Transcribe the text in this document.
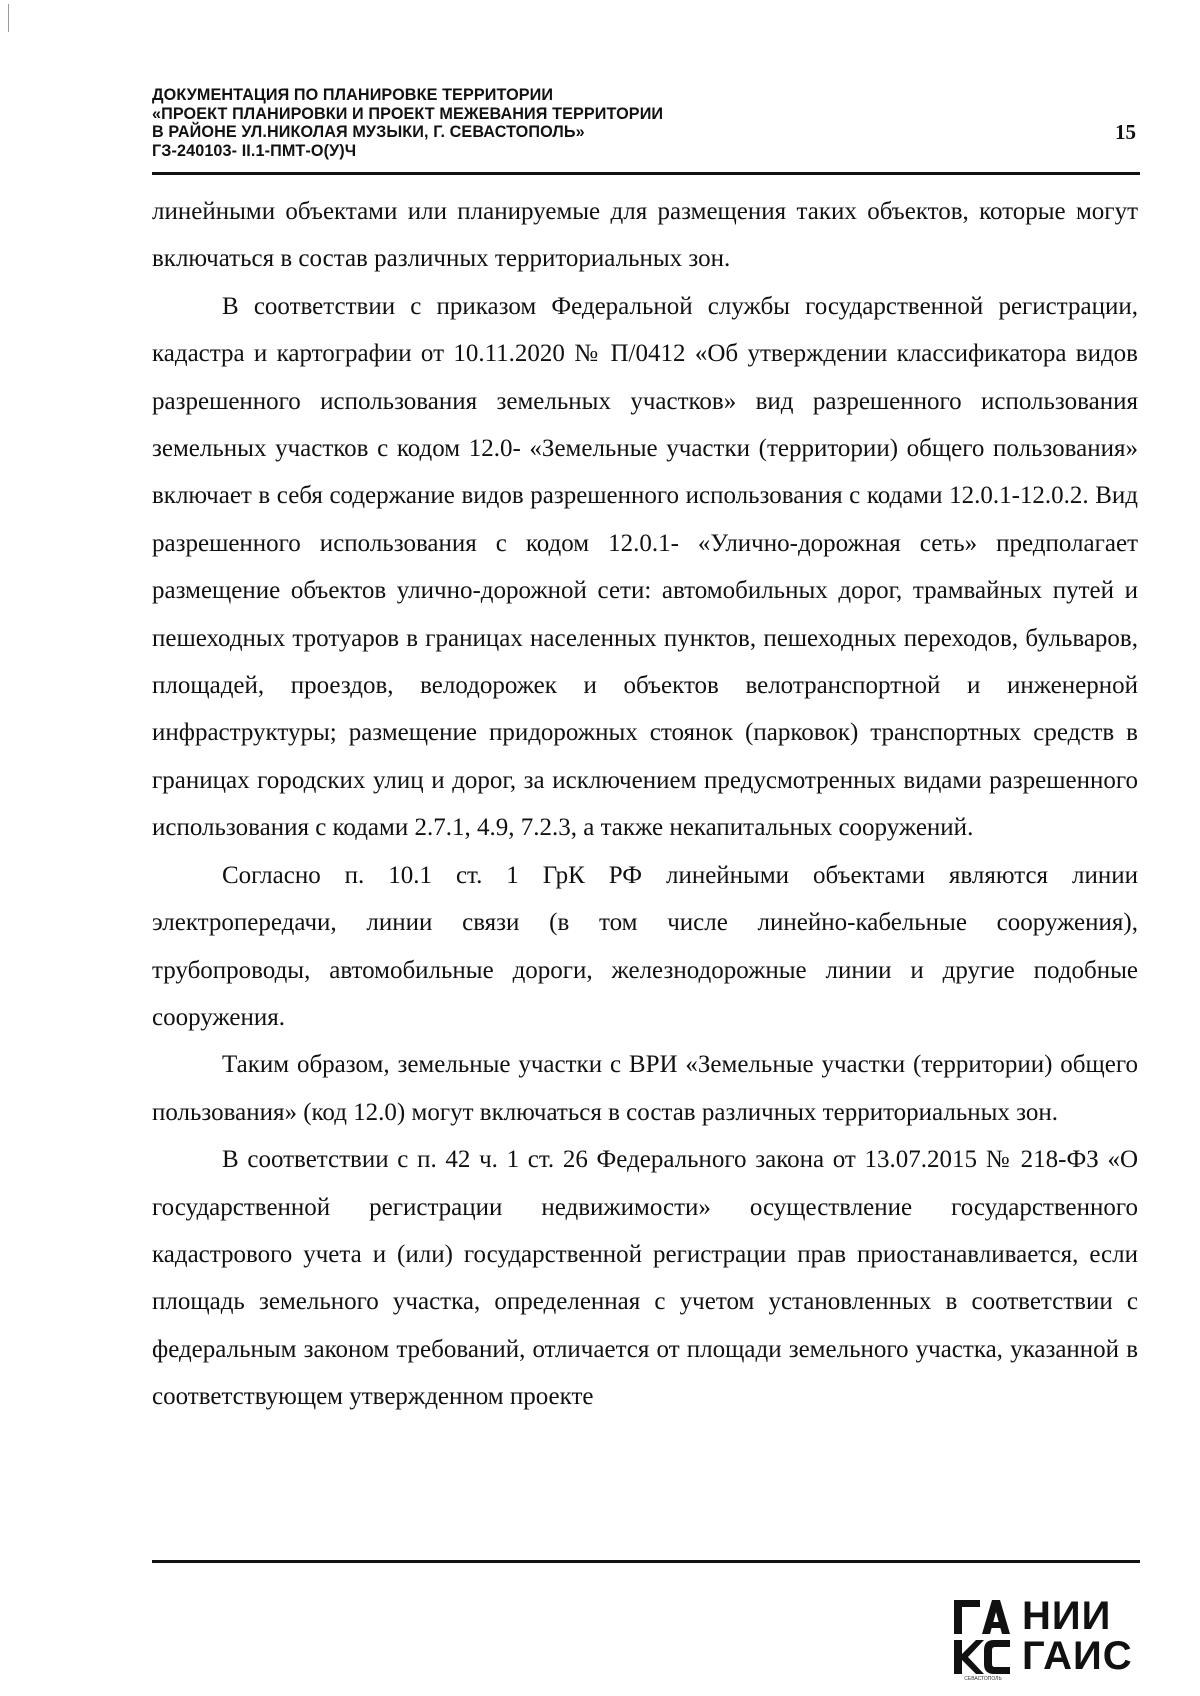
ДОКУМЕНТАЦИЯ ПО ПЛАНИРОВКЕ ТЕРРИТОРИИ
«ПРОЕКТ ПЛАНИРОВКИ И ПРОЕКТ МЕЖЕВАНИЯ ТЕРРИТОРИИ
В РАЙОНЕ УЛ.НИКОЛАЯ МУЗЫКИ, Г. СЕВАСТОПОЛЬ»
ГЗ-240103- II.1-ПМТ-О(У)Ч
15

линейными объектами или планируемые для размещения таких объектов, которые могут включаться в состав различных территориальных зон.

В соответствии с приказом Федеральной службы государственной регистрации, кадастра и картографии от 10.11.2020 № П/0412 «Об утверждении классификатора видов разрешенного использования земельных участков» вид разрешенного использования земельных участков с кодом 12.0- «Земельные участки (территории) общего пользования» включает в себя содержание видов разрешенного использования с кодами 12.0.1-12.0.2. Вид разрешенного использования с кодом 12.0.1- «Улично-дорожная сеть» предполагает размещение объектов улично-дорожной сети: автомобильных дорог, трамвайных путей и пешеходных тротуаров в границах населенных пунктов, пешеходных переходов, бульваров, площадей, проездов, велодорожек и объектов велотранспортной и инженерной инфраструктуры; размещение придорожных стоянок (парковок) транспортных средств в границах городских улиц и дорог, за исключением предусмотренных видами разрешенного использования с кодами 2.7.1, 4.9, 7.2.3, а также некапитальных сооружений.

Согласно п. 10.1 ст. 1 ГрК РФ линейными объектами являются линии электропередачи, линии связи (в том числе линейно-кабельные сооружения), трубопроводы, автомобильные дороги, железнодорожные линии и другие подобные сооружения.

Таким образом, земельные участки с ВРИ «Земельные участки (территории) общего пользования» (код 12.0) могут включаться в состав различных территориальных зон.

В соответствии с п. 42 ч. 1 ст. 26 Федерального закона от 13.07.2015 № 218-ФЗ «О государственной регистрации недвижимости» осуществление государственного кадастрового учета и (или) государственной регистрации прав приостанавливается, если площадь земельного участка, определенная с учетом установленных в соответствии с федеральным законом требований, отличается от площади земельного участка, указанной в соответствующем утвержденном проекте

СЕВАСТОПОЛЬ
НИИ
ГАИС
